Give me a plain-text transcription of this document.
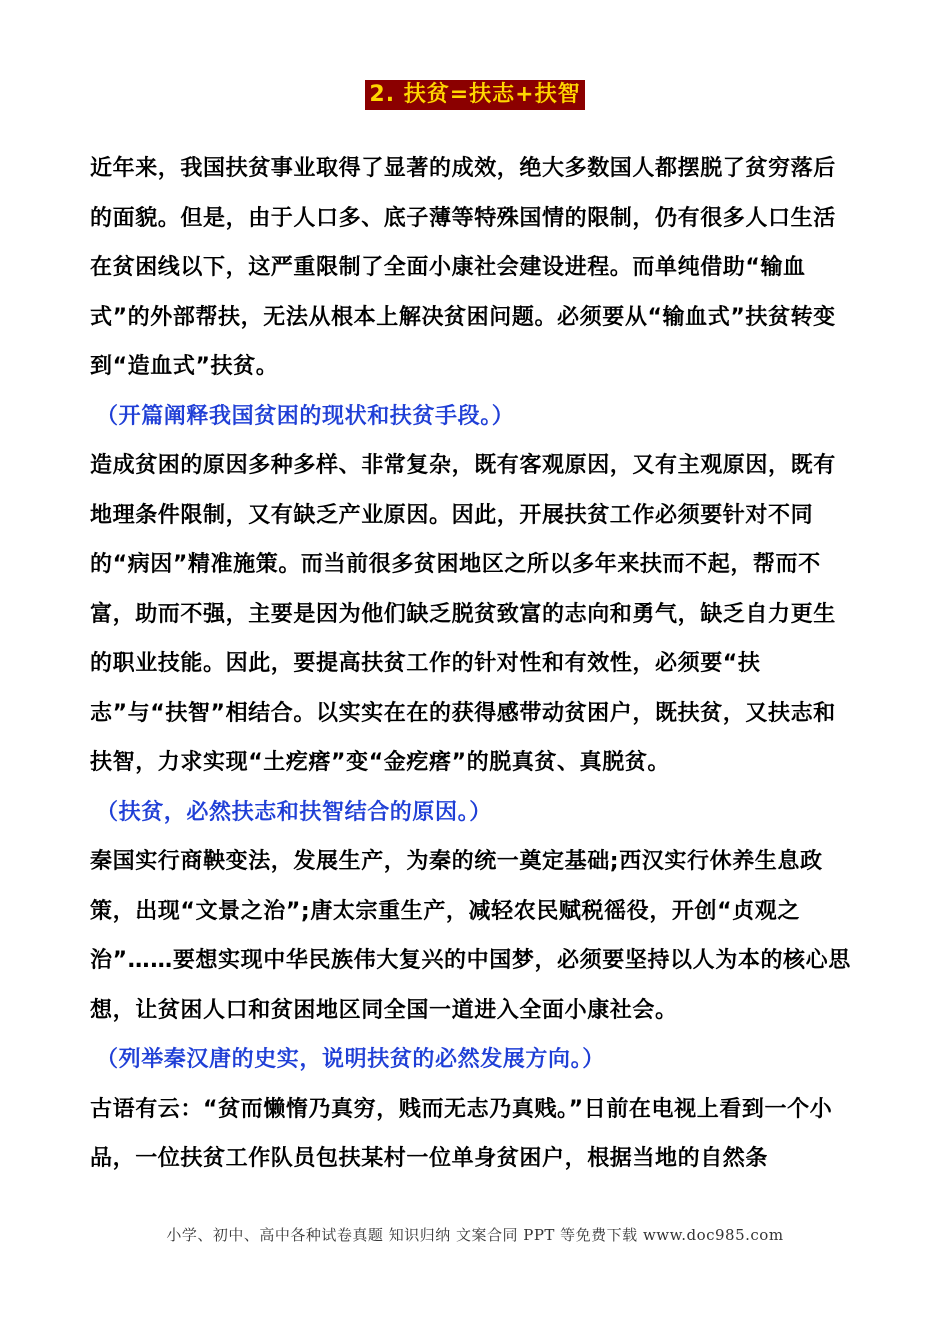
2. 扶贫=扶志+扶智

近年来，我国扶贫事业取得了显著的成效，绝大多数国人都摆脱了贫穷落后的面貌。但是，由于人口多、底子薄等特殊国情的限制，仍有很多人口生活在贫困线以下，这严重限制了全面小康社会建设进程。而单纯借助“输血式”的外部帮扶，无法从根本上解决贫困问题。必须要从“输血式”扶贫转变到“造血式”扶贫。

（开篇阐释我国贫困的现状和扶贫手段。）

造成贫困的原因多种多样、非常复杂，既有客观原因，又有主观原因，既有地理条件限制，又有缺乏产业原因。因此，开展扶贫工作必须要针对不同的“病因”精准施策。而当前很多贫困地区之所以多年来扶而不起，帮而不富，助而不强，主要是因为他们缺乏脱贫致富的志向和勇气，缺乏自力更生的职业技能。因此，要提高扶贫工作的针对性和有效性，必须要“扶志”与“扶智”相结合。以实实在在的获得感带动贫困户，既扶贫，又扶志和扶智，力求实现“土疙瘩”变“金疙瘩”的脱真贫、真脱贫。

（扶贫，必然扶志和扶智结合的原因。）

秦国实行商鞅变法，发展生产，为秦的统一奠定基础;西汉实行休养生息政策，出现“文景之治”;唐太宗重生产，减轻农民赋税徭役，开创“贞观之治”……要想实现中华民族伟大复兴的中国梦，必须要坚持以人为本的核心思想，让贫困人口和贫困地区同全国一道进入全面小康社会。

（列举秦汉唐的史实，说明扶贫的必然发展方向。）

古语有云：“贫而懒惰乃真穷，贱而无志乃真贱。”日前在电视上看到一个小品，一位扶贫工作队员包扶某村一位单身贫困户，根据当地的自然条

小学、初中、高中各种试卷真题 知识归纳 文案合同 PPT 等免费下载 www.doc985.com
